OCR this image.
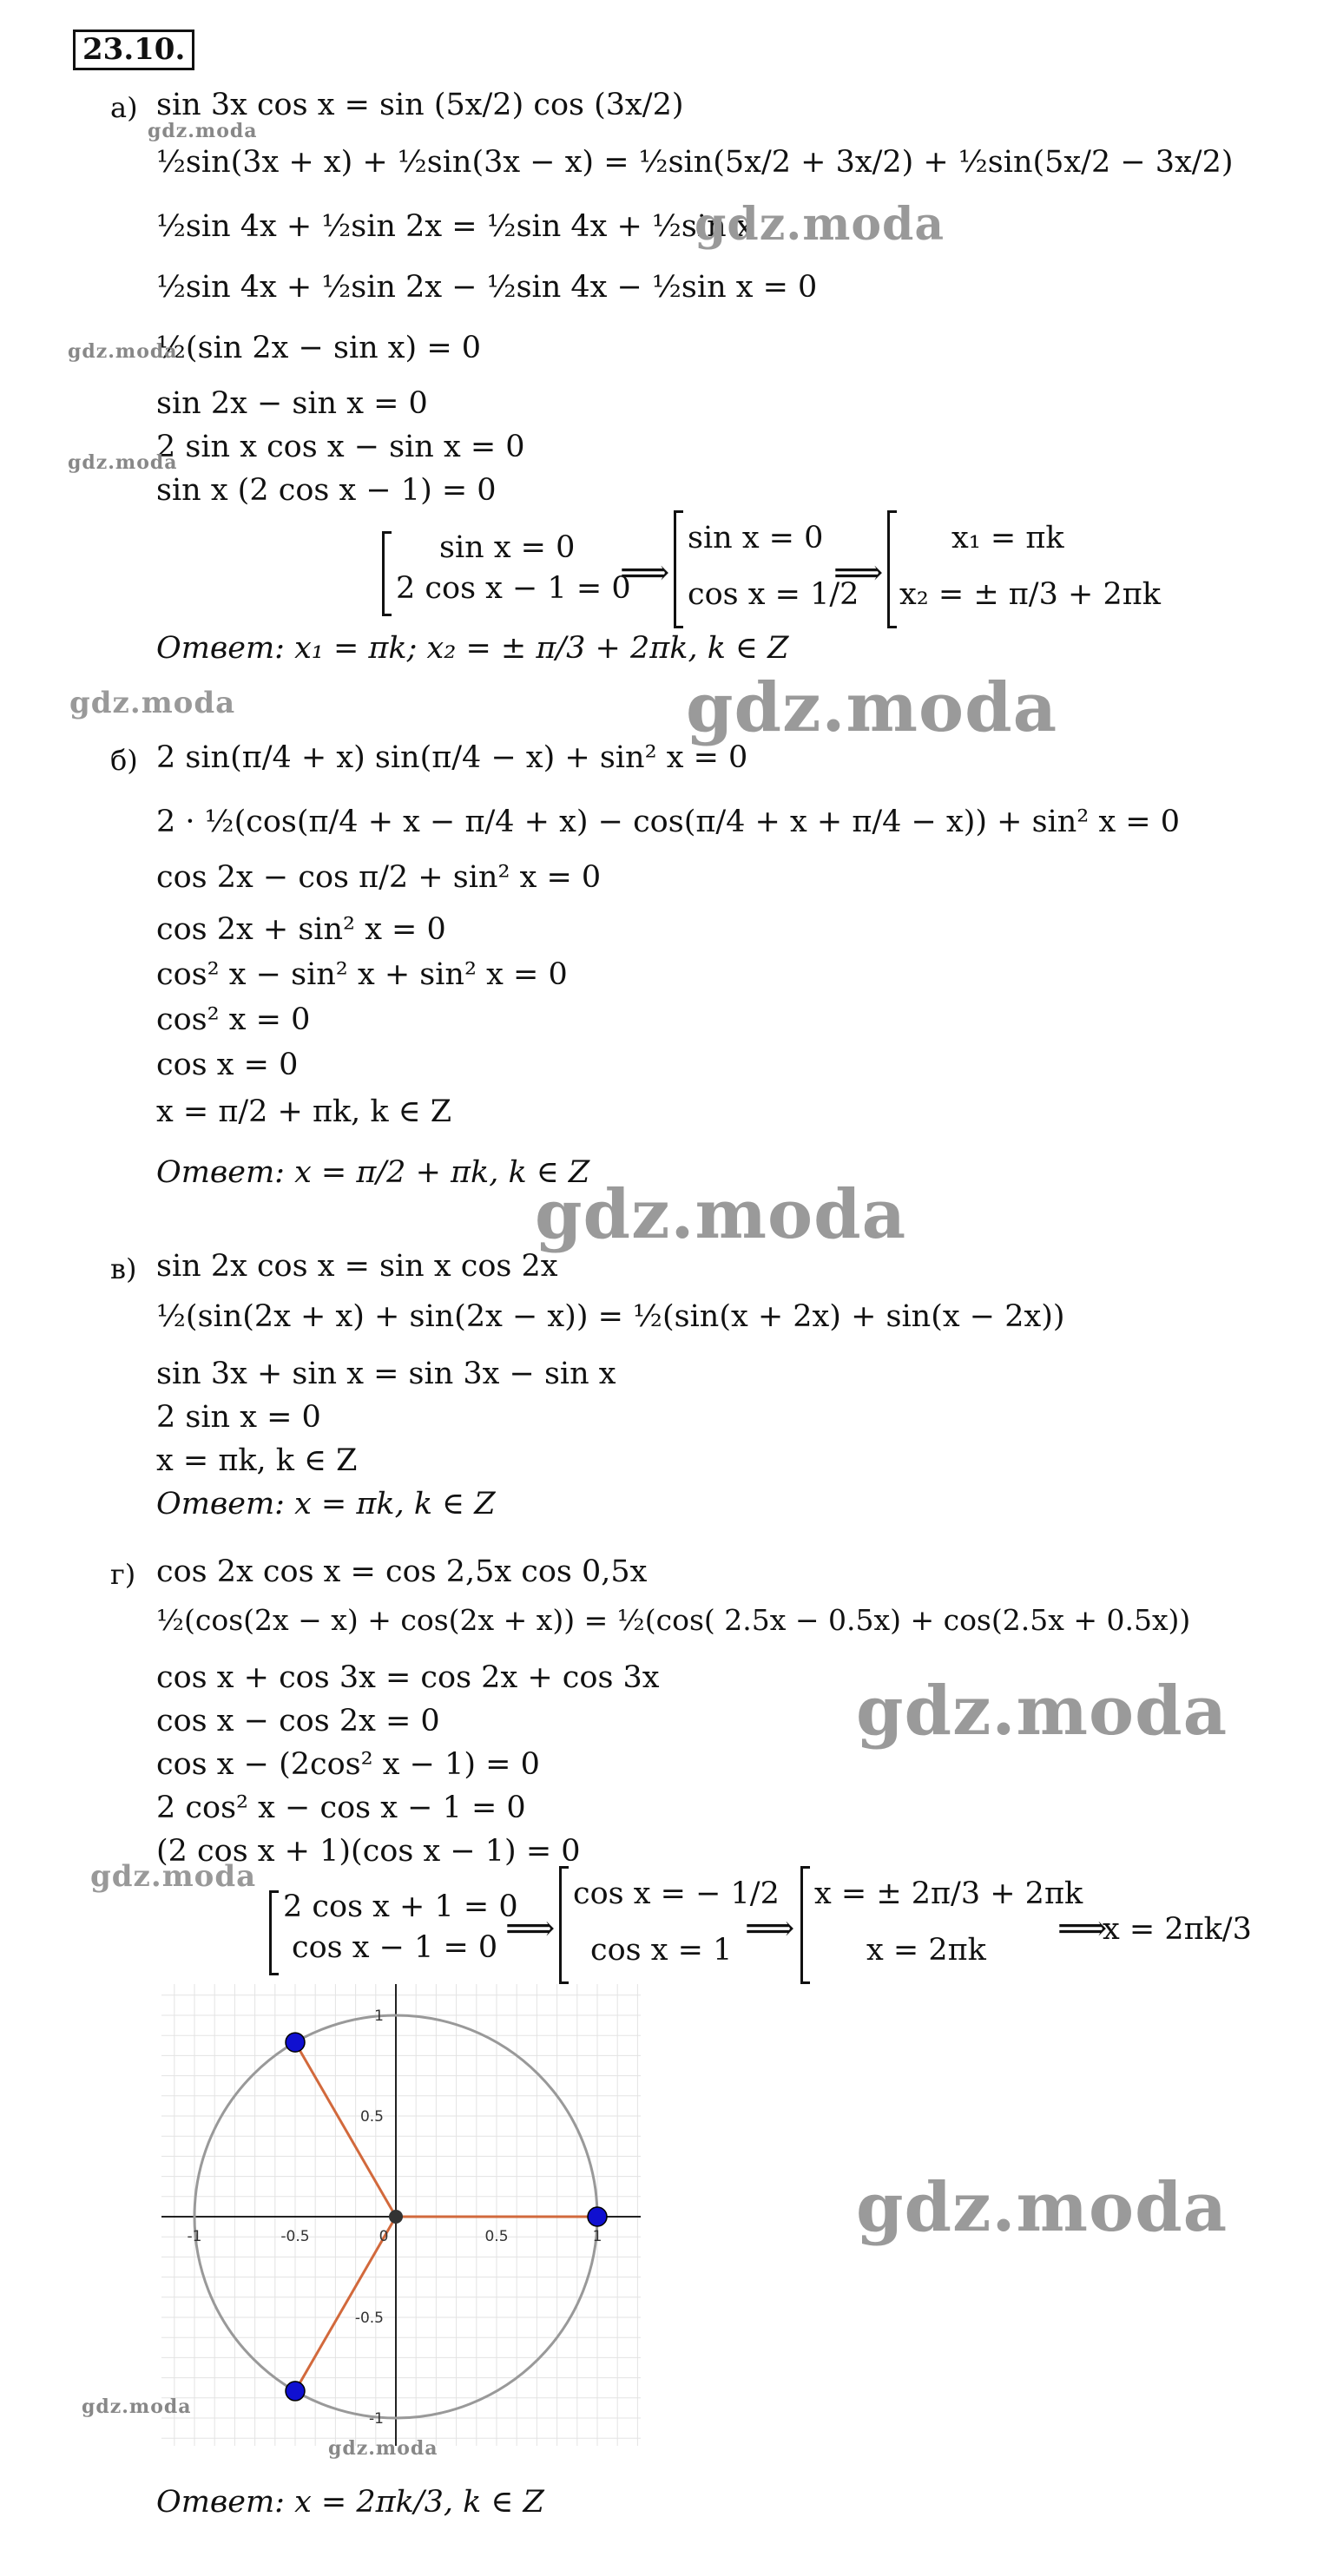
23.10.
а) sin 3x cos x = sin (5x/2) cos (3x/2)
½sin(3x + x) + ½sin(3x − x) = ½sin(5x/2 + 3x/2) + ½sin(5x/2 − 3x/2)
½sin 4x + ½sin 2x = ½sin 4x + ½sin x
½sin 4x + ½sin 2x − ½sin 4x − ½sin x = 0
½(sin 2x − sin x) = 0
sin 2x − sin x = 0
2 sin x cos x − sin x = 0
sin x (2 cos x − 1) = 0
sin x = 0
2 cos x − 1 = 0
⟹
sin x = 0
cos x = 1/2
⟹
x₁ = πk
x₂ = ± π/3 + 2πk
Ответ: x₁ = πk; x₂ = ± π/3 + 2πk, k ∈ Z
б) 2 sin(π/4 + x) sin(π/4 − x) + sin² x = 0
2 · ½(cos(π/4 + x − π/4 + x) − cos(π/4 + x + π/4 − x)) + sin² x = 0
cos 2x − cos π/2 + sin² x = 0
cos 2x + sin² x = 0
cos² x − sin² x + sin² x = 0
cos² x = 0
cos x = 0
x = π/2 + πk, k ∈ Z
Ответ: x = π/2 + πk, k ∈ Z
в) sin 2x cos x = sin x cos 2x
½(sin(2x + x) + sin(2x − x)) = ½(sin(x + 2x) + sin(x − 2x))
sin 3x + sin x = sin 3x − sin x
2 sin x = 0
x = πk, k ∈ Z
Ответ: x = πk, k ∈ Z
г) cos 2x cos x = cos 2,5x cos 0,5x
½(cos(2x − x) + cos(2x + x)) = ½(cos( 2.5x − 0.5x) + cos(2.5x + 0.5x))
cos x + cos 3x = cos 2x + cos 3x
cos x − cos 2x = 0
cos x − (2cos² x − 1) = 0
2 cos² x − cos x − 1 = 0
(2 cos x + 1)(cos x − 1) = 0
2 cos x + 1 = 0
cos x − 1 = 0 ⟹
cos x = − 1/2
cos x = 1
⟹
x = ± 2π/3 + 2πk
x = 2πk
⟹
x = 2πk/3
-1	-0.5	0	0.5	1
1
0.5
-0.5
-1
Ответ: x = 2πk/3, k ∈ Z
gdz.moda
gdz.moda
gdz.moda
gdz.moda
gdz.moda	gdz.moda
gdz.moda
gdz.moda
gdz.moda
gdz.moda
gdz.moda
gdz.moda
